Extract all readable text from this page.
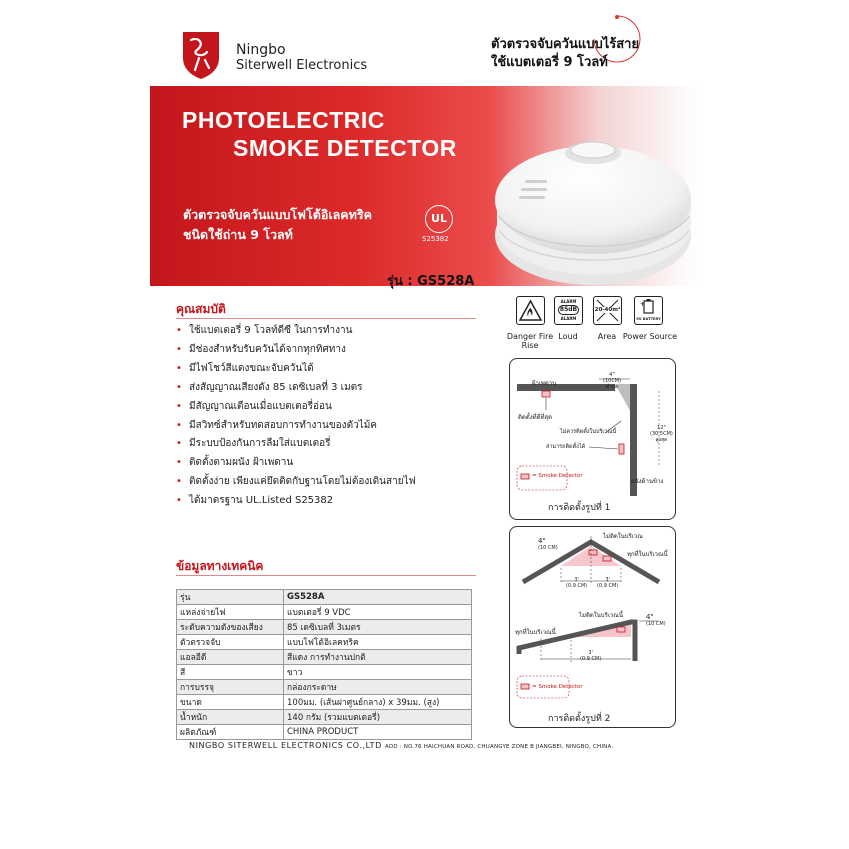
Ningbo
Siterwell Electronics
ตัวตรวจจับควันแบบไร้สาย
ใช้แบตเตอรี่ 9 โวลท์
PHOTOELECTRIC
SMOKE DETECTOR
ตัวตรวจจับควันแบบโฟโต้อิเลคทริค
ชนิดใช้ถ่าน 9 โวลท์
UL
S25382
รุ่น : GS528A
คุณสมบัติ
• ใช้แบตเตอรี่ 9 โวลท์ดีซี ในการทำงาน
• มีช่องสำหรับรับควันได้จากทุกทิศทาง
• มีไฟโชว์สีแดงขณะจับควันได้
• ส่งสัญญาณเสียงดัง 85 เดซิเบลที่ 3 เมตร
• มีสัญญาณเตือนเมื่อแบตเตอรี่อ่อน
• มีสวิทซ์สำหรับทดสอบการทำงานของตัวไม้ค
• มีระบบป้องกันการลืมใส่แบตเตอรี่
• ติดตั้งตามผนัง ฝ้าเพดาน
• ติดตั้งง่าย เพียงแค่ยึดติดกับฐานโดยไม่ต้องเดินสายไฟ
• ได้มาตรฐาน UL.Listed S25382
ALARM
85dB
ALARM
20-40m²
+
9V BATTERY
Danger Fire
Rise
Loud	Area Power Source
ฝ้าเพดาน
ติดตั้งที่ดีที่สุด
ไม่ควรติดตั้งในบริเวณนี้
สามารถติดตั้งได้
ผนังด้านข้าง
4"
(10CM)
ต่ำสุด
12"
(30.5CM)
สูงสุด
= Smoke Detector
การติดตั้งรูปที่ 1
4"
(10 CM)
ไม่ติดในบริเวณ
ทุกที่ในบริเวณนี้
3'
(0.9 CM)
3'
(0.9 CM)
ไม่ติดในบริเวณนี้
ทุกที่ในบริเวณนี้
4"
(10 CM)
3'
(0.9 CM)
= Smoke Detector
การติดตั้งรูปที่ 2
ข้อมูลทางเทคนิค
รุ่น	GS528A
แหล่งจ่ายไฟ	แบตเตอรี่ 9 VDC
ระดับความดังของเสียง	85 เดซิเบลที่ 3เมตร
ตัวตรวจจับ	แบบโฟโต้อิเลคทริค
แอลอีดี	สีแดง การทำงานปกติ
สี	ขาว
การบรรจุ	กล่องกระดาษ
ขนาด	100มม. (เส้นผ่าศูนย์กลาง) x 39มม. (สูง)
น้ำหนัก	140 กรัม (รวมแบตเตอรี่)
ผลิตภัณฑ์	CHINA PRODUCT
NINGBO SITERWELL ELECTRONICS CO.,LTD ADD : NO.76 HAICHUAN ROAD, CHUANGYE ZONE B JIANGBEI, NINGBO, CHINA.
